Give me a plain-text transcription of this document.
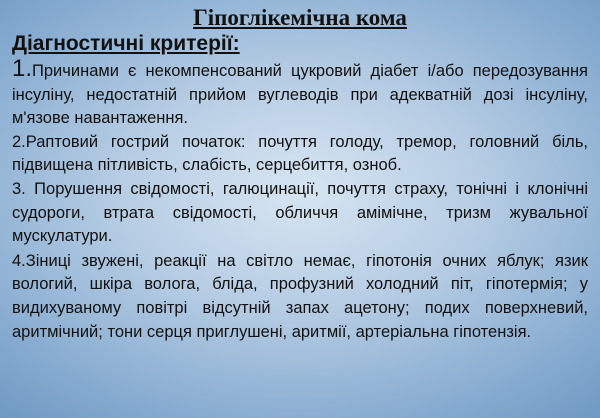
Гіпоглікемічна кома
Діагностичні критерії:
1.Причинами є некомпенсований цукровий діабет і/або передозування інсуліну, недостатній прийом вуглеводів при адекватній дозі інсуліну, м'язове навантаження.
2.Раптовий гострий початок: почуття голоду, тремор, головний біль, підвищена пітливість, слабість, серцебиття, озноб.
3. Порушення свідомості, галюцинації, почуття страху, тонічні і клонічні судороги, втрата свідомості, обличчя амімічне, тризм жувальної мускулатури.
4.Зіниці звужені, реакції на світло немає, гіпотонія очних яблук; язик вологий, шкіра волога, бліда, профузний холодний піт, гіпотермія; у видихуваному повітрі відсутній запах ацетону; подих поверхневий, аритмічний; тони серця приглушені, аритмії, артеріальна гіпотензія.
